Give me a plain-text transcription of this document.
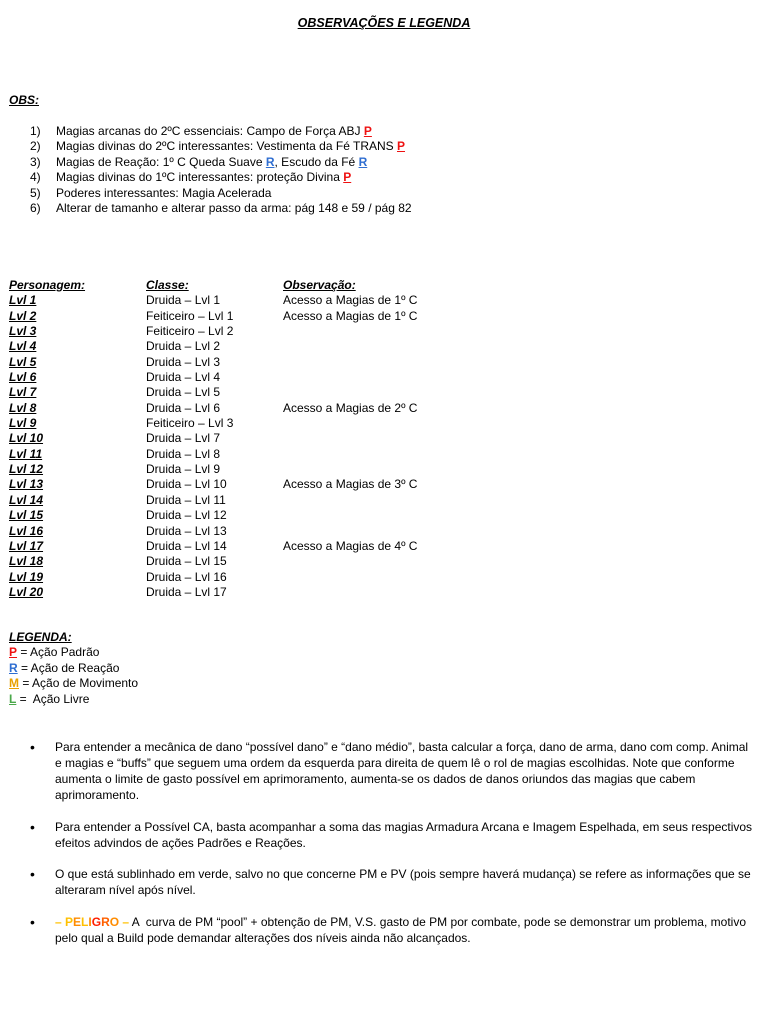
OBSERVAÇÕES E LEGENDA
OBS:
1)	Magias arcanas do 2ºC essenciais: Campo de Força ABJ P
2)	Magias divinas do 2ºC interessantes: Vestimenta da Fé TRANS P
3)	Magias de Reação: 1º C Queda Suave R , Escudo da Fé R
4)	Magias divinas do 1ºC interessantes: proteção Divina P
5)	Poderes interessantes: Magia Acelerada
6)	Alterar de tamanho e alterar passo da arma: pág 148 e 59 / pág 82
Personagem:	Classe:	Observação:
Lvl 1	Druida – Lvl 1	Acesso a Magias de 1º C
Lvl 2	Feiticeiro – Lvl 1	Acesso a Magias de 1º C
Lvl 3	Feiticeiro – Lvl 2
Lvl 4	Druida – Lvl 2
Lvl 5	Druida – Lvl 3
Lvl 6	Druida – Lvl 4
Lvl 7	Druida – Lvl 5
Lvl 8	Druida – Lvl 6	Acesso a Magias de 2º C
Lvl 9	Feiticeiro – Lvl 3
Lvl 10	Druida – Lvl 7
Lvl 11	Druida – Lvl 8
Lvl 12	Druida – Lvl 9
Lvl 13	Druida – Lvl 10	Acesso a Magias de 3º C
Lvl 14	Druida – Lvl 11
Lvl 15	Druida – Lvl 12
Lvl 16	Druida – Lvl 13
Lvl 17	Druida – Lvl 14	Acesso a Magias de 4º C
Lvl 18	Druida – Lvl 15
Lvl 19	Druida – Lvl 16
Lvl 20	Druida – Lvl 17
LEGENDA:
P = Ação Padrão
R = Ação de Reação
M = Ação de Movimento
L =  Ação Livre
•	Para entender a mecânica de dano “possível dano” e “dano médio”, basta calcular a força, dano de arma, dano com comp. Animal e magias e “buffs” que seguem uma ordem da esquerda para direita de quem lê o rol de magias escolhidas. Note que conforme aumenta o limite de gasto possível em aprimoramento, aumenta-se os dados de danos oriundos das magias que cabem aprimoramento.
•	Para entender a Possível CA, basta acompanhar a soma das magias Armadura Arcana e Imagem Espelhada, em seus respectivos efeitos advindos de ações Padrões e Reações.
•	O que está sublinhado em verde, salvo no que concerne PM e PV (pois sempre haverá mudança) se refere as informações que se alteraram nível após nível.
•	– PELIGRO – A  curva de PM “pool” + obtenção de PM, V.S. gasto de PM por combate, pode se demonstrar um problema, motivo pelo qual a Build pode demandar alterações dos níveis ainda não alcançados.
